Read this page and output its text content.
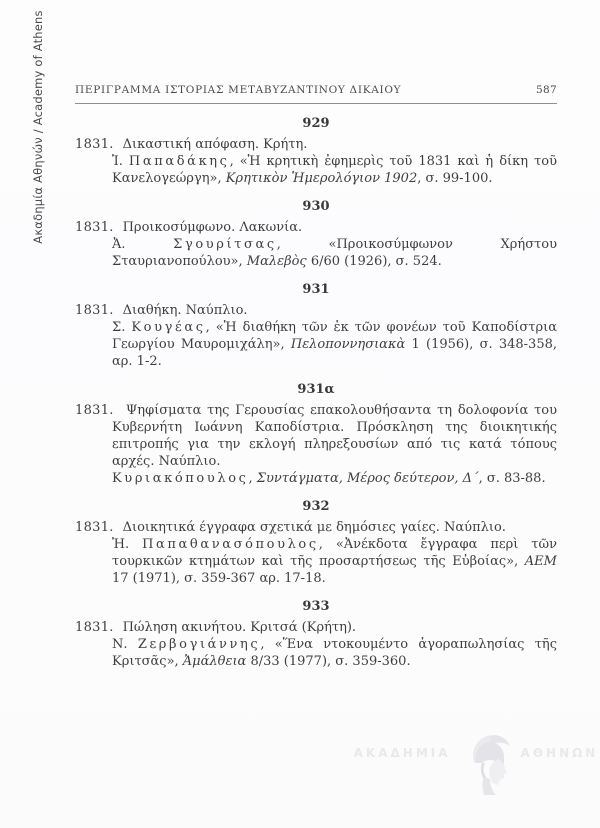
Ακαδημία Αθηνών / Academy of Athens	ΠΕΡΙΓΡΑΜΜΑ ΙΣΤΟΡΙΑΣ ΜΕΤΑΒΥΖΑΝΤΙΝΟΥ ΔΙΚΑΙΟΥ	587
929

1831. Δικαστική απόφαση. Κρήτη.

Ἰ. Παπαδάκης, «Ἡ κρητικὴ ἐφημερὶς τοῦ 1831 καὶ ἡ δίκη τοῦ Κανελογεώργη», Κρητικὸν Ἡμερολόγιον 1902, σ. 99-100.

930

1831. Προικοσύμφωνο. Λακωνία.

Ἀ. Σγουρίτσας, «Προικοσύμφωνον Χρήστου Σταυριανοπούλου», Μαλεβὸς 6/60 (1926), σ. 524.

931

1831. Διαθήκη. Ναύπλιο.

Σ. Κουγέας, «Ἡ διαθήκη τῶν ἐκ τῶν φονέων τοῦ Καποδίστρια Γεωργίου Μαυρομιχάλη», Πελοποννησιακὰ 1 (1956), σ. 348-358, αρ. 1-2.

931α

1831. Ψηφίσματα της Γερουσίας επακολουθήσαντα τη δολοφονία του Κυβερνήτη Ιωάννη Καποδίστρια. Πρόσκληση της διοικητικής επιτροπής για την εκλογή πληρεξουσίων από τις κατά τόπους αρχές. Ναύπλιο.

Κυριακόπουλος, Συντάγματα, Μέρος δεύτερον, Δ΄, σ. 83-88.

932

1831. Διοικητικά έγγραφα σχετικά με δημόσιες γαίες. Ναύπλιο.

Ἠ. Παπαθανασόπουλος, «Ἀνέκδοτα ἔγγραφα περὶ τῶν τουρκικῶν κτημάτων καὶ τῆς προσαρτήσεως τῆς Εὐβοίας», ΑΕΜ 17 (1971), σ. 359-367 αρ. 17-18.

933

1831. Πώληση ακινήτου. Κριτσά (Κρήτη).

Ν. Ζερβογιάννης, «Ἕνα ντοκουμέντο ἀγοραπωλησίας τῆς Κριτσᾶς», Ἀμάλθεια 8/33 (1977), σ. 359-360.

ΑΚΑΔΗΜΙΑ	ΑΘΗΝΩΝ
